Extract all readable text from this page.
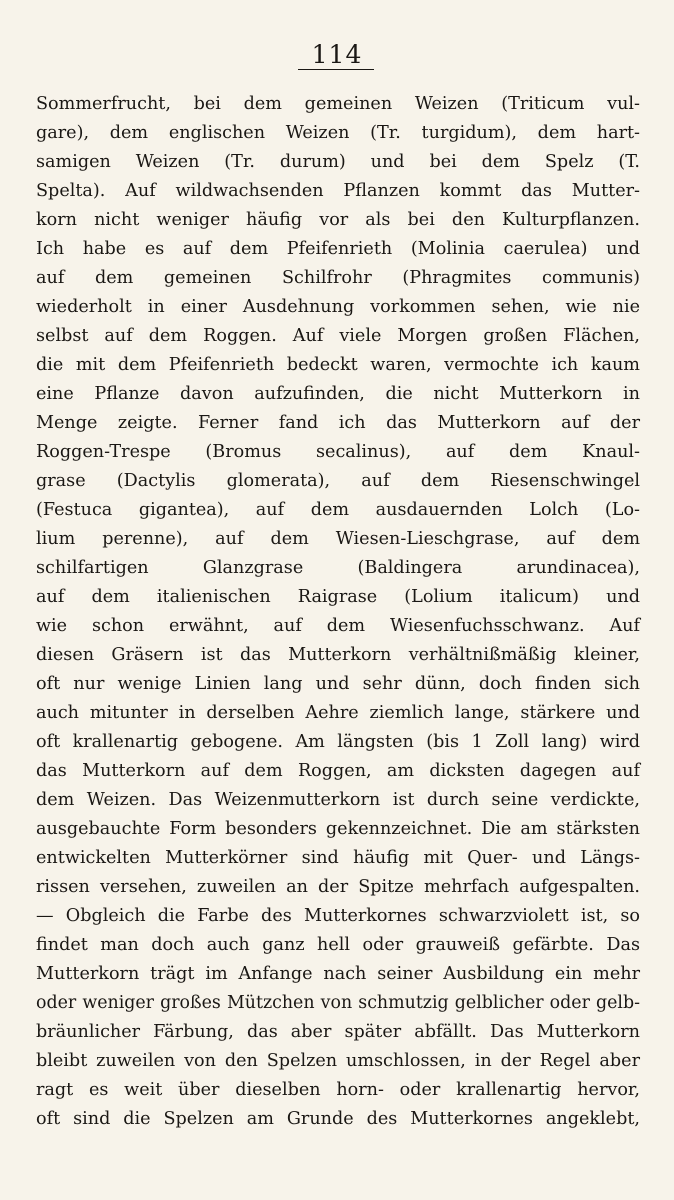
114
Sommerfrucht, bei dem gemeinen Weizen (Triticum vul-
gare), dem englischen Weizen (Tr. turgidum), dem hart-
samigen Weizen (Tr. durum) und bei dem Spelz (T.
Spelta). Auf wildwachsenden Pflanzen kommt das Mutter-
korn nicht weniger häufig vor als bei den Kulturpflanzen.
Ich habe es auf dem Pfeifenrieth (Molinia caerulea) und
auf dem gemeinen Schilfrohr (Phragmites communis)
wiederholt in einer Ausdehnung vorkommen sehen, wie nie
selbst auf dem Roggen. Auf viele Morgen großen Flächen,
die mit dem Pfeifenrieth bedeckt waren, vermochte ich kaum
eine Pflanze davon aufzufinden, die nicht Mutterkorn in
Menge zeigte. Ferner fand ich das Mutterkorn auf der
Roggen-Trespe (Bromus secalinus), auf dem Knaul-
grase (Dactylis glomerata), auf dem Riesenschwingel
(Festuca gigantea), auf dem ausdauernden Lolch (Lo-
lium perenne), auf dem Wiesen-Lieschgrase, auf dem
schilfartigen Glanzgrase (Baldingera arundinacea),
auf dem italienischen Raigrase (Lolium italicum) und
wie schon erwähnt, auf dem Wiesenfuchsschwanz. Auf
diesen Gräsern ist das Mutterkorn verhältnißmäßig kleiner,
oft nur wenige Linien lang und sehr dünn, doch finden sich
auch mitunter in derselben Aehre ziemlich lange, stärkere und
oft krallenartig gebogene. Am längsten (bis 1 Zoll lang) wird
das Mutterkorn auf dem Roggen, am dicksten dagegen auf
dem Weizen. Das Weizenmutterkorn ist durch seine verdickte,
ausgebauchte Form besonders gekennzeichnet. Die am stärksten
entwickelten Mutterkörner sind häufig mit Quer- und Längs-
rissen versehen, zuweilen an der Spitze mehrfach aufgespalten.
— Obgleich die Farbe des Mutterkornes schwarzviolett ist, so
findet man doch auch ganz hell oder grauweiß gefärbte. Das
Mutterkorn trägt im Anfange nach seiner Ausbildung ein mehr
oder weniger großes Mützchen von schmutzig gelblicher oder gelb-
bräunlicher Färbung, das aber später abfällt. Das Mutterkorn
bleibt zuweilen von den Spelzen umschlossen, in der Regel aber
ragt es weit über dieselben horn- oder krallenartig hervor,
oft sind die Spelzen am Grunde des Mutterkornes angeklebt,
